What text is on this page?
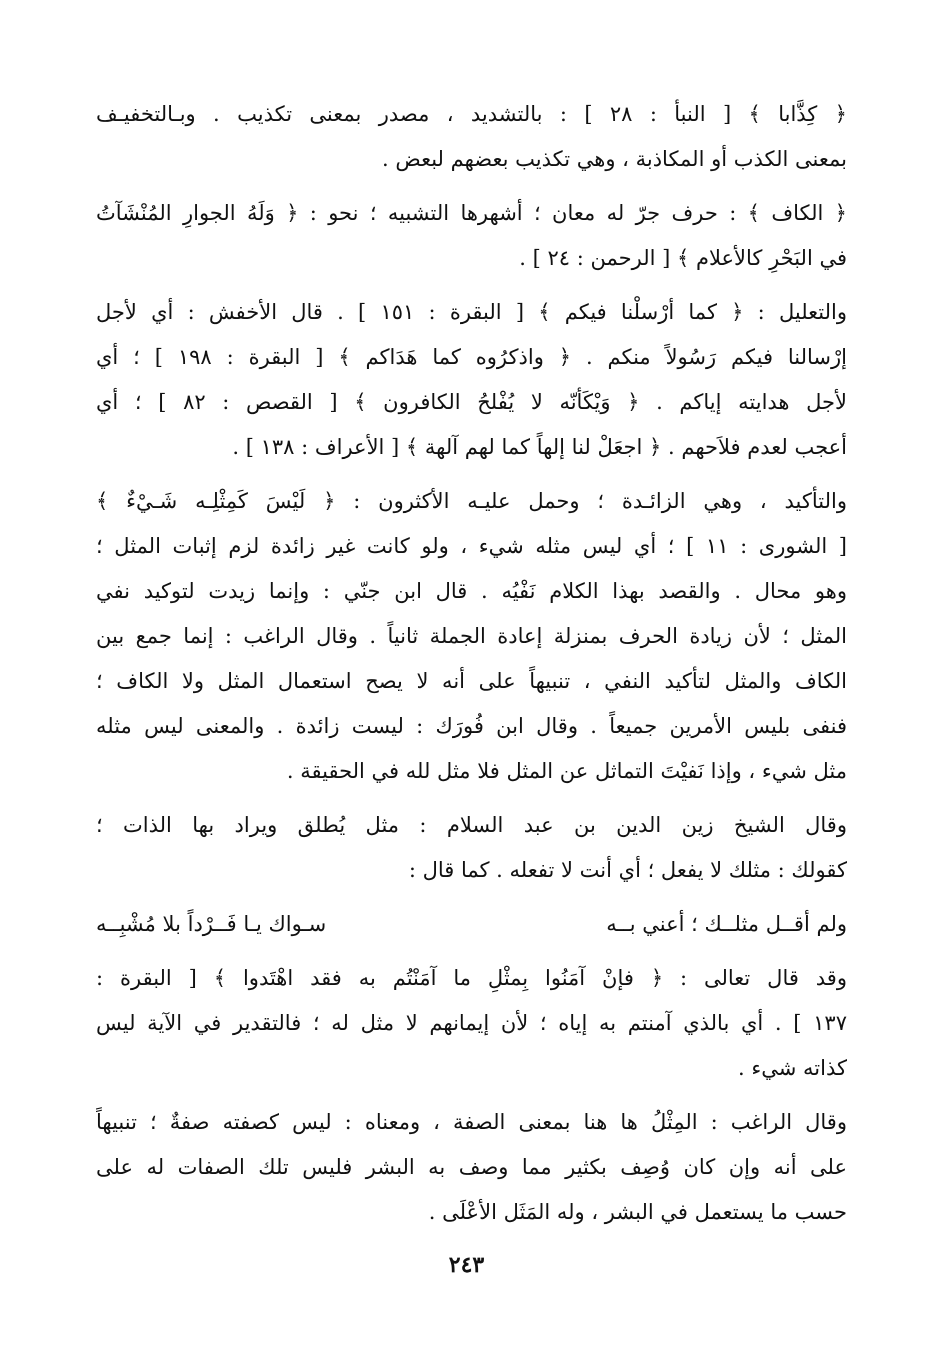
﴿ كِذَّابا ﴾ [ النبأ : ٢٨ ] : بالتشديد ، مصدر بمعنى تكذيب . وبـالتخفيـف
بمعنى الكذب أو المكاذبة ، وهي تكذيب بعضهم لبعض .

﴿ الكاف ﴾ : حرف جرّ له معان ؛ أشهرها التشبيه ؛ نحو : ﴿ وَلَهُ الجوارِ المُنْشَآتُ
في البَحْرِ كالأعلام ﴾ [ الرحمن : ٢٤ ] .

والتعليل : ﴿ كما أرْسلْنا فيكم ﴾ [ البقرة : ١٥١ ] . قال الأخفش : أي لأجل
إرْسالنا فيكم رَسُولاً منكم . ﴿ واذكرُوه كما هَدَاكم ﴾ [ البقرة : ١٩٨ ] ؛ أي
لأجل هدايته إياكم . ﴿ وَيْكَأنّه لا يُفْلحُ الكافرون ﴾ [ القصص : ٨٢ ] ؛ أي
أعجب لعدم فلاَحهم . ﴿ اجعَلْ لنا إلهاً كما لهم آلهة ﴾ [ الأعراف : ١٣٨ ] .

والتأكيد ، وهي الزائـدة ؛ وحمل عليـه الأكثرون : ﴿ لَيْسَ كَمِثْلِـه شَـيْءٌ ﴾
[ الشورى : ١١ ] ؛ أي ليس مثله شيء ، ولو كانت غير زائدة لزم إثبات المثل ؛
وهو محال . والقصد بهذا الكلام نَفْيُه . قال ابن جنّي : وإنما زيدت لتوكيد نفي
المثل ؛ لأن زيادة الحرف بمنزلة إعادة الجملة ثانياً . وقال الراغب : إنما جمع بين
الكاف والمثل لتأكيد النفي ، تنبيهاً على أنه لا يصح استعمال المثل ولا الكاف ؛
فنفى بليس الأمرين جميعاً . وقال ابن فُورَك : ليست زائدة . والمعنى ليس مثله
مثل شيء ، وإذا نَفيْتَ التماثل عن المثل فلا مثل لله في الحقيقة .

وقال الشيخ زين الدين بن عبد السلام : مثل يُطلق ويراد بها الذات ؛
كقولك : مثلك لا يفعل ؛ أي أنت لا تفعله . كما قال :

ولم أقــل مثلــك ؛ أعني بــه
سـواك يـا فَــرْداً بلا مُشْبِــه

وقد قال تعالى : ﴿ فإنْ آمَنُوا بِمثْلِ ما آمَنْتُم به فقد اهْتَدوا ﴾ [ البقرة :
١٣٧ ] . أي بالذي آمنتم به إياه ؛ لأن إيمانهم لا مثل له ؛ فالتقدير في الآية ليس
كذاته شيء .

وقال الراغب : المِثْلُ ها هنا بمعنى الصفة ، ومعناه : ليس كصفته صفةٌ ؛ تنبيهاً
على أنه وإن كان وُصِف بكثير مما وصف به البشر فليس تلك الصفات له على
حسب ما يستعمل في البشر ، وله المَثَل الأعْلَى .

٢٤٣
